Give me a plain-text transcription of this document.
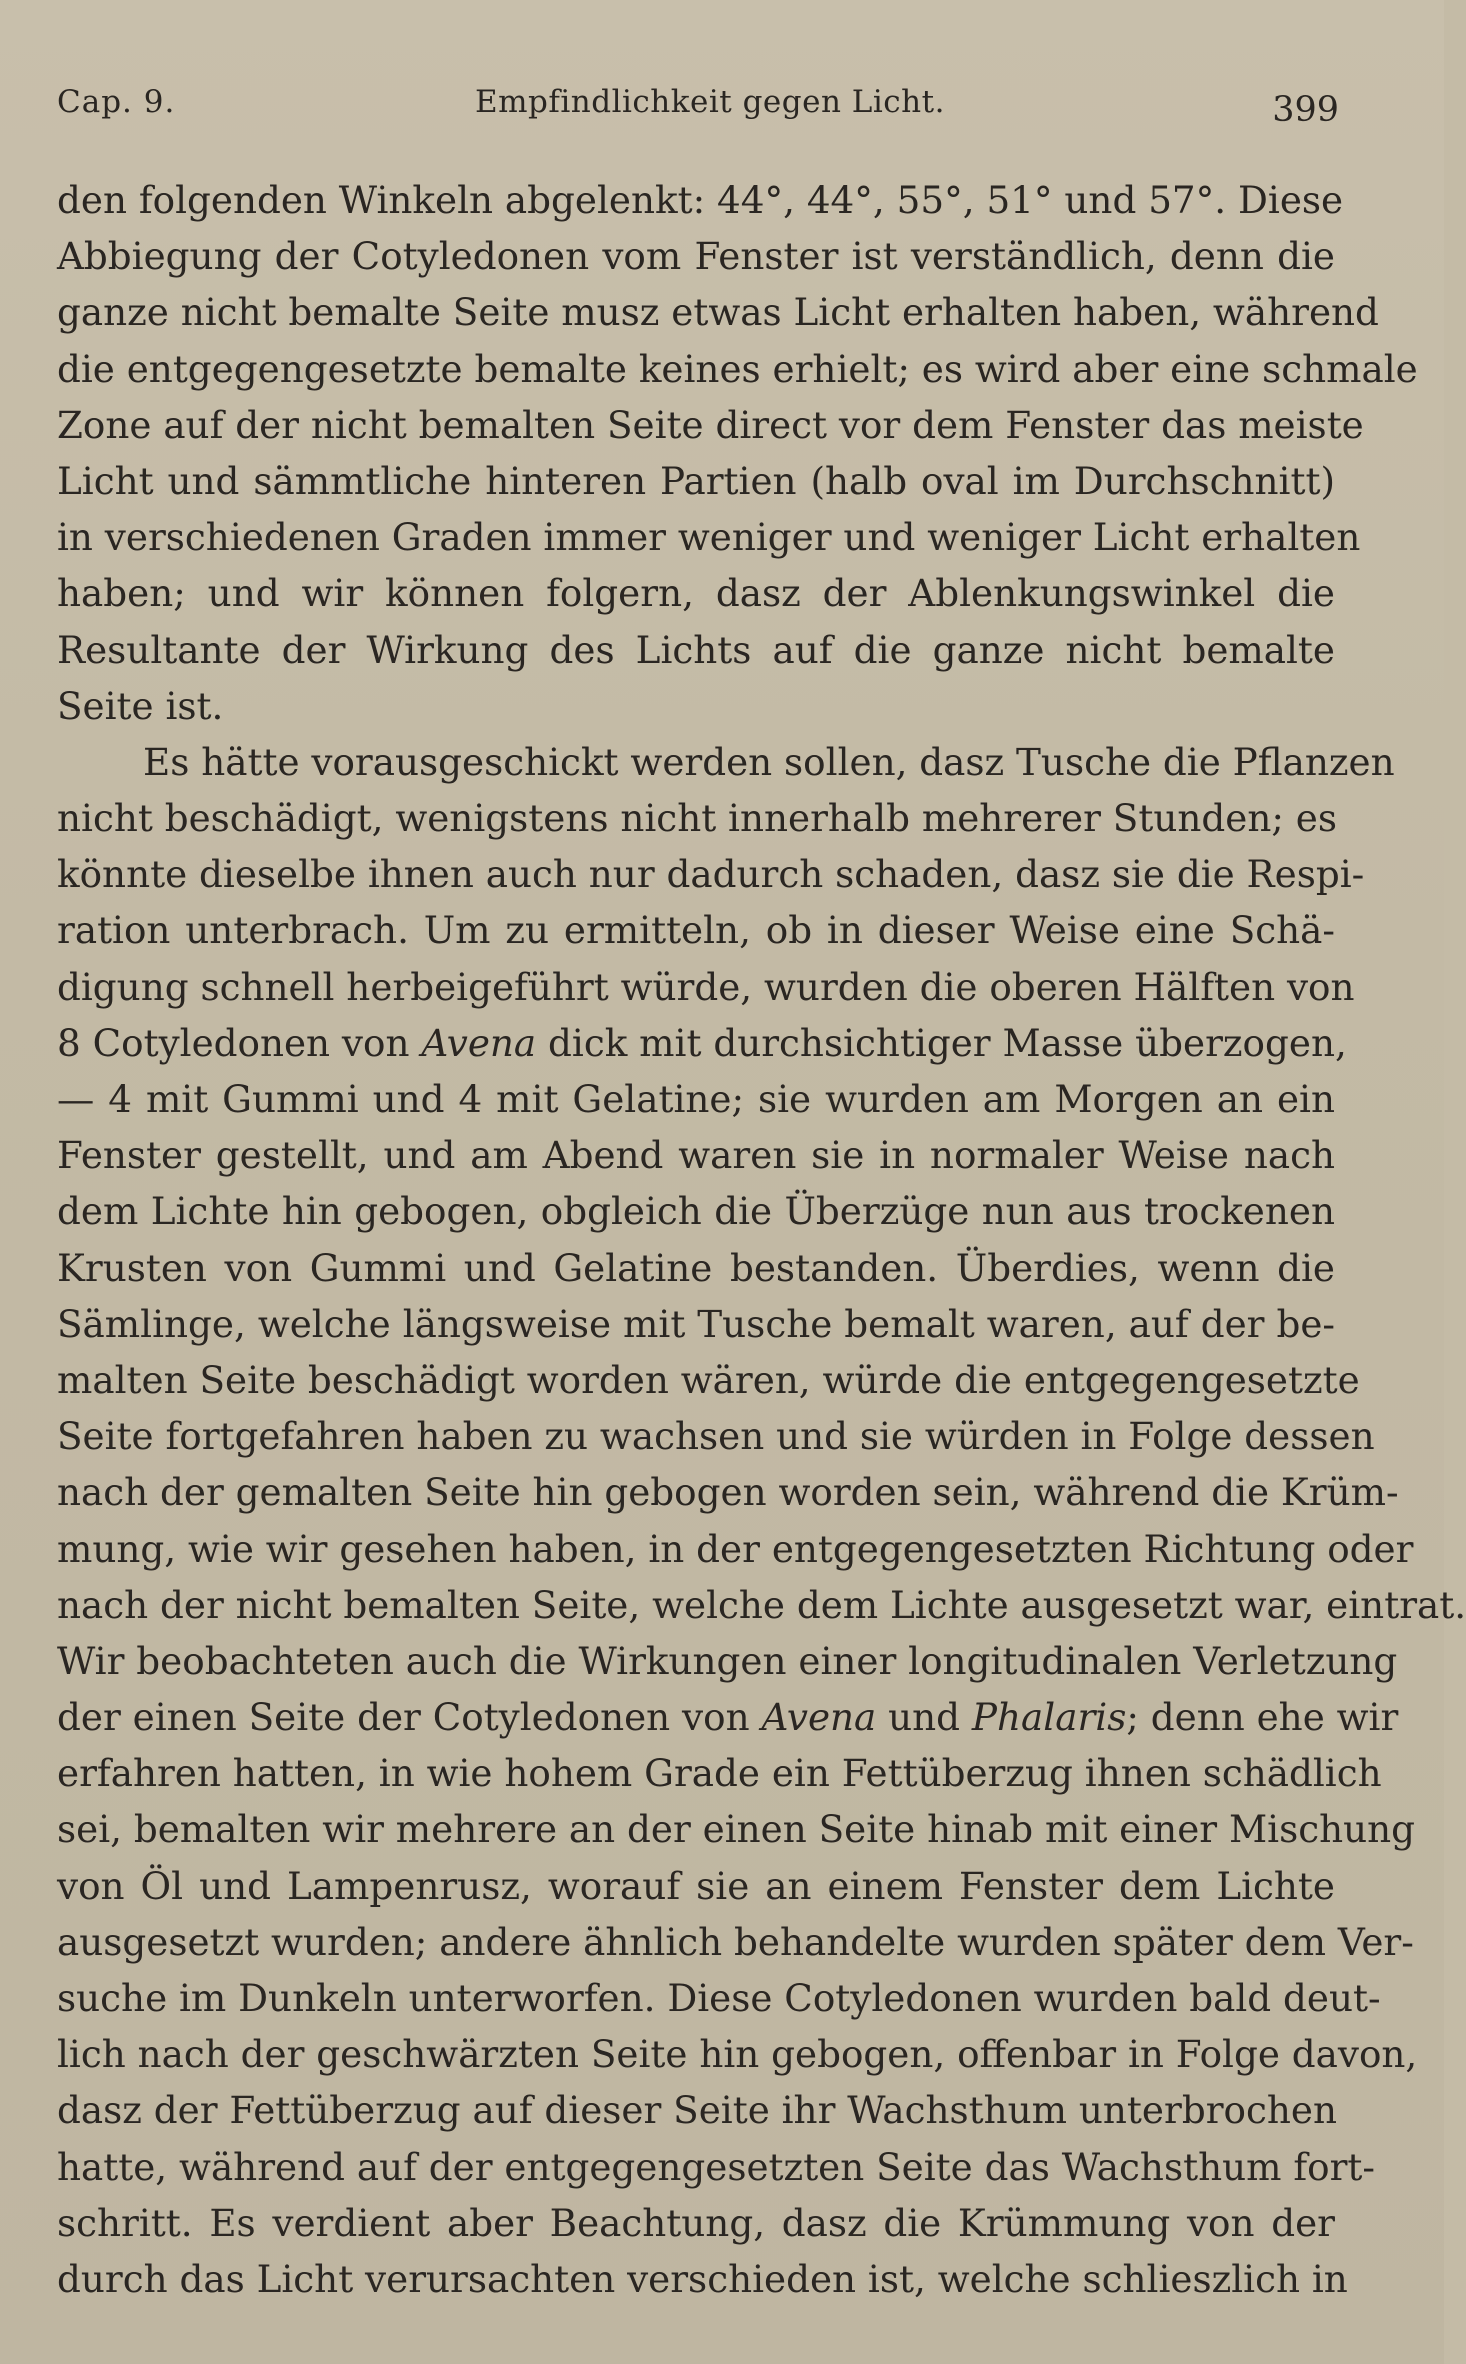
Cap. 9.	Empfindlichkeit gegen Licht.	399
den folgenden Winkeln abgelenkt: 44°, 44°, 55°, 51° und 57°. Diese
Abbiegung der Cotyledonen vom Fenster ist verständlich, denn die
ganze nicht bemalte Seite musz etwas Licht erhalten haben, während
die entgegengesetzte bemalte keines erhielt; es wird aber eine schmale
Zone auf der nicht bemalten Seite direct vor dem Fenster das meiste
Licht und sämmtliche hinteren Partien (halb oval im Durchschnitt)
in verschiedenen Graden immer weniger und weniger Licht erhalten
haben; und wir können folgern, dasz der Ablenkungswinkel die
Resultante der Wirkung des Lichts auf die ganze nicht bemalte
Seite ist.
Es hätte vorausgeschickt werden sollen, dasz Tusche die Pflanzen
nicht beschädigt, wenigstens nicht innerhalb mehrerer Stunden; es
könnte dieselbe ihnen auch nur dadurch schaden, dasz sie die Respi-
ration unterbrach. Um zu ermitteln, ob in dieser Weise eine Schä-
digung schnell herbeigeführt würde, wurden die oberen Hälften von
8 Cotyledonen von Avena dick mit durchsichtiger Masse überzogen,
— 4 mit Gummi und 4 mit Gelatine; sie wurden am Morgen an ein
Fenster gestellt, und am Abend waren sie in normaler Weise nach
dem Lichte hin gebogen, obgleich die Überzüge nun aus trockenen
Krusten von Gummi und Gelatine bestanden. Überdies, wenn die
Sämlinge, welche längsweise mit Tusche bemalt waren, auf der be-
malten Seite beschädigt worden wären, würde die entgegengesetzte
Seite fortgefahren haben zu wachsen und sie würden in Folge dessen
nach der gemalten Seite hin gebogen worden sein, während die Krüm-
mung, wie wir gesehen haben, in der entgegengesetzten Richtung oder
nach der nicht bemalten Seite, welche dem Lichte ausgesetzt war, eintrat.
Wir beobachteten auch die Wirkungen einer longitudinalen Verletzung
der einen Seite der Cotyledonen von Avena und Phalaris; denn ehe wir
erfahren hatten, in wie hohem Grade ein Fettüberzug ihnen schädlich
sei, bemalten wir mehrere an der einen Seite hinab mit einer Mischung
von Öl und Lampenrusz, worauf sie an einem Fenster dem Lichte
ausgesetzt wurden; andere ähnlich behandelte wurden später dem Ver-
suche im Dunkeln unterworfen. Diese Cotyledonen wurden bald deut-
lich nach der geschwärzten Seite hin gebogen, offenbar in Folge davon,
dasz der Fettüberzug auf dieser Seite ihr Wachsthum unterbrochen
hatte, während auf der entgegengesetzten Seite das Wachsthum fort-
schritt. Es verdient aber Beachtung, dasz die Krümmung von der
durch das Licht verursachten verschieden ist, welche schlieszlich in
